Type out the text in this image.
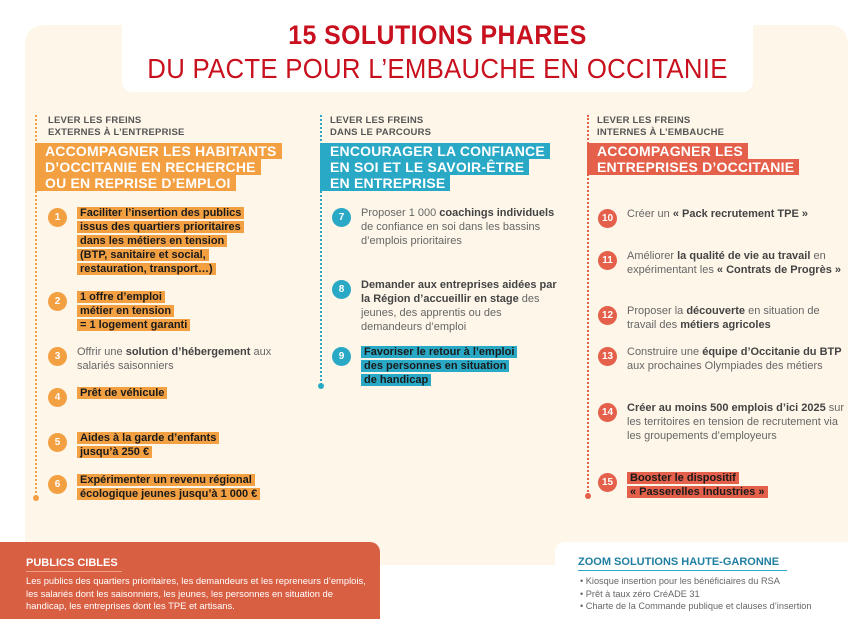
15 SOLUTIONS PHARES
DU PACTE POUR L’EMBAUCHE EN OCCITANIE
LEVER LES FREINS
EXTERNES À L’ENTREPRISE
ACCOMPAGNER LES HABITANTS
D’OCCITANIE EN RECHERCHE
OU EN REPRISE D’EMPLOI

1	Faciliter l’insertion des publics
issus des quartiers prioritaires
dans les métiers en tension
(BTP, sanitaire et social,
restauration, transport…)

2	1 offre d’emploi
métier en tension
= 1 logement garanti

3	Offrir une solution d’hébergement aux salariés saisonniers
4	Prêt de véhicule

5	Aides à la garde d’enfants
jusqu’à 250 €

6	Expérimenter un revenu régional
écologique jeunes jusqu’à 1 000 €

LEVER LES FREINS
DANS LE PARCOURS
ENCOURAGER LA CONFIANCE
EN SOI ET LE SAVOIR-ÊTRE
EN ENTREPRISE

7	Proposer 1 000 coachings individuels de confiance en soi dans les bassins d’emplois prioritaires
8	Demander aux entreprises aidées par la Région d’accueillir en stage des jeunes, des apprentis ou des demandeurs d’emploi
9	Favoriser le retour à l’emploi
des personnes en situation
de handicap

LEVER LES FREINS
INTERNES À L’EMBAUCHE
ACCOMPAGNER LES
ENTREPRISES D’OCCITANIE

10	Créer un « Pack recrutement TPE »
11	Améliorer la qualité de vie au travail en expérimentant les « Contrats de Progrès »
12	Proposer la découverte en situation de travail des métiers agricoles
13	Construire une équipe d’Occitanie du BTP aux prochaines Olympiades des métiers
14	Créer au moins 500 emplois d’ici 2025 sur les territoires en tension de recrutement via les groupements d’employeurs
15	Booster le dispositif
« Passerelles Industries »

PUBLICS CIBLES

Les publics des quartiers prioritaires, les demandeurs et les repreneurs d’emplois, les salariés dont les saisonniers, les jeunes, les personnes en situation de handicap, les entreprises dont les TPE et artisans.

ZOOM SOLUTIONS HAUTE-GARONNE
• Kiosque insertion pour les bénéficiaires du RSA
• Prêt à taux zéro CréADE 31
• Charte de la Commande publique et clauses d’insertion
